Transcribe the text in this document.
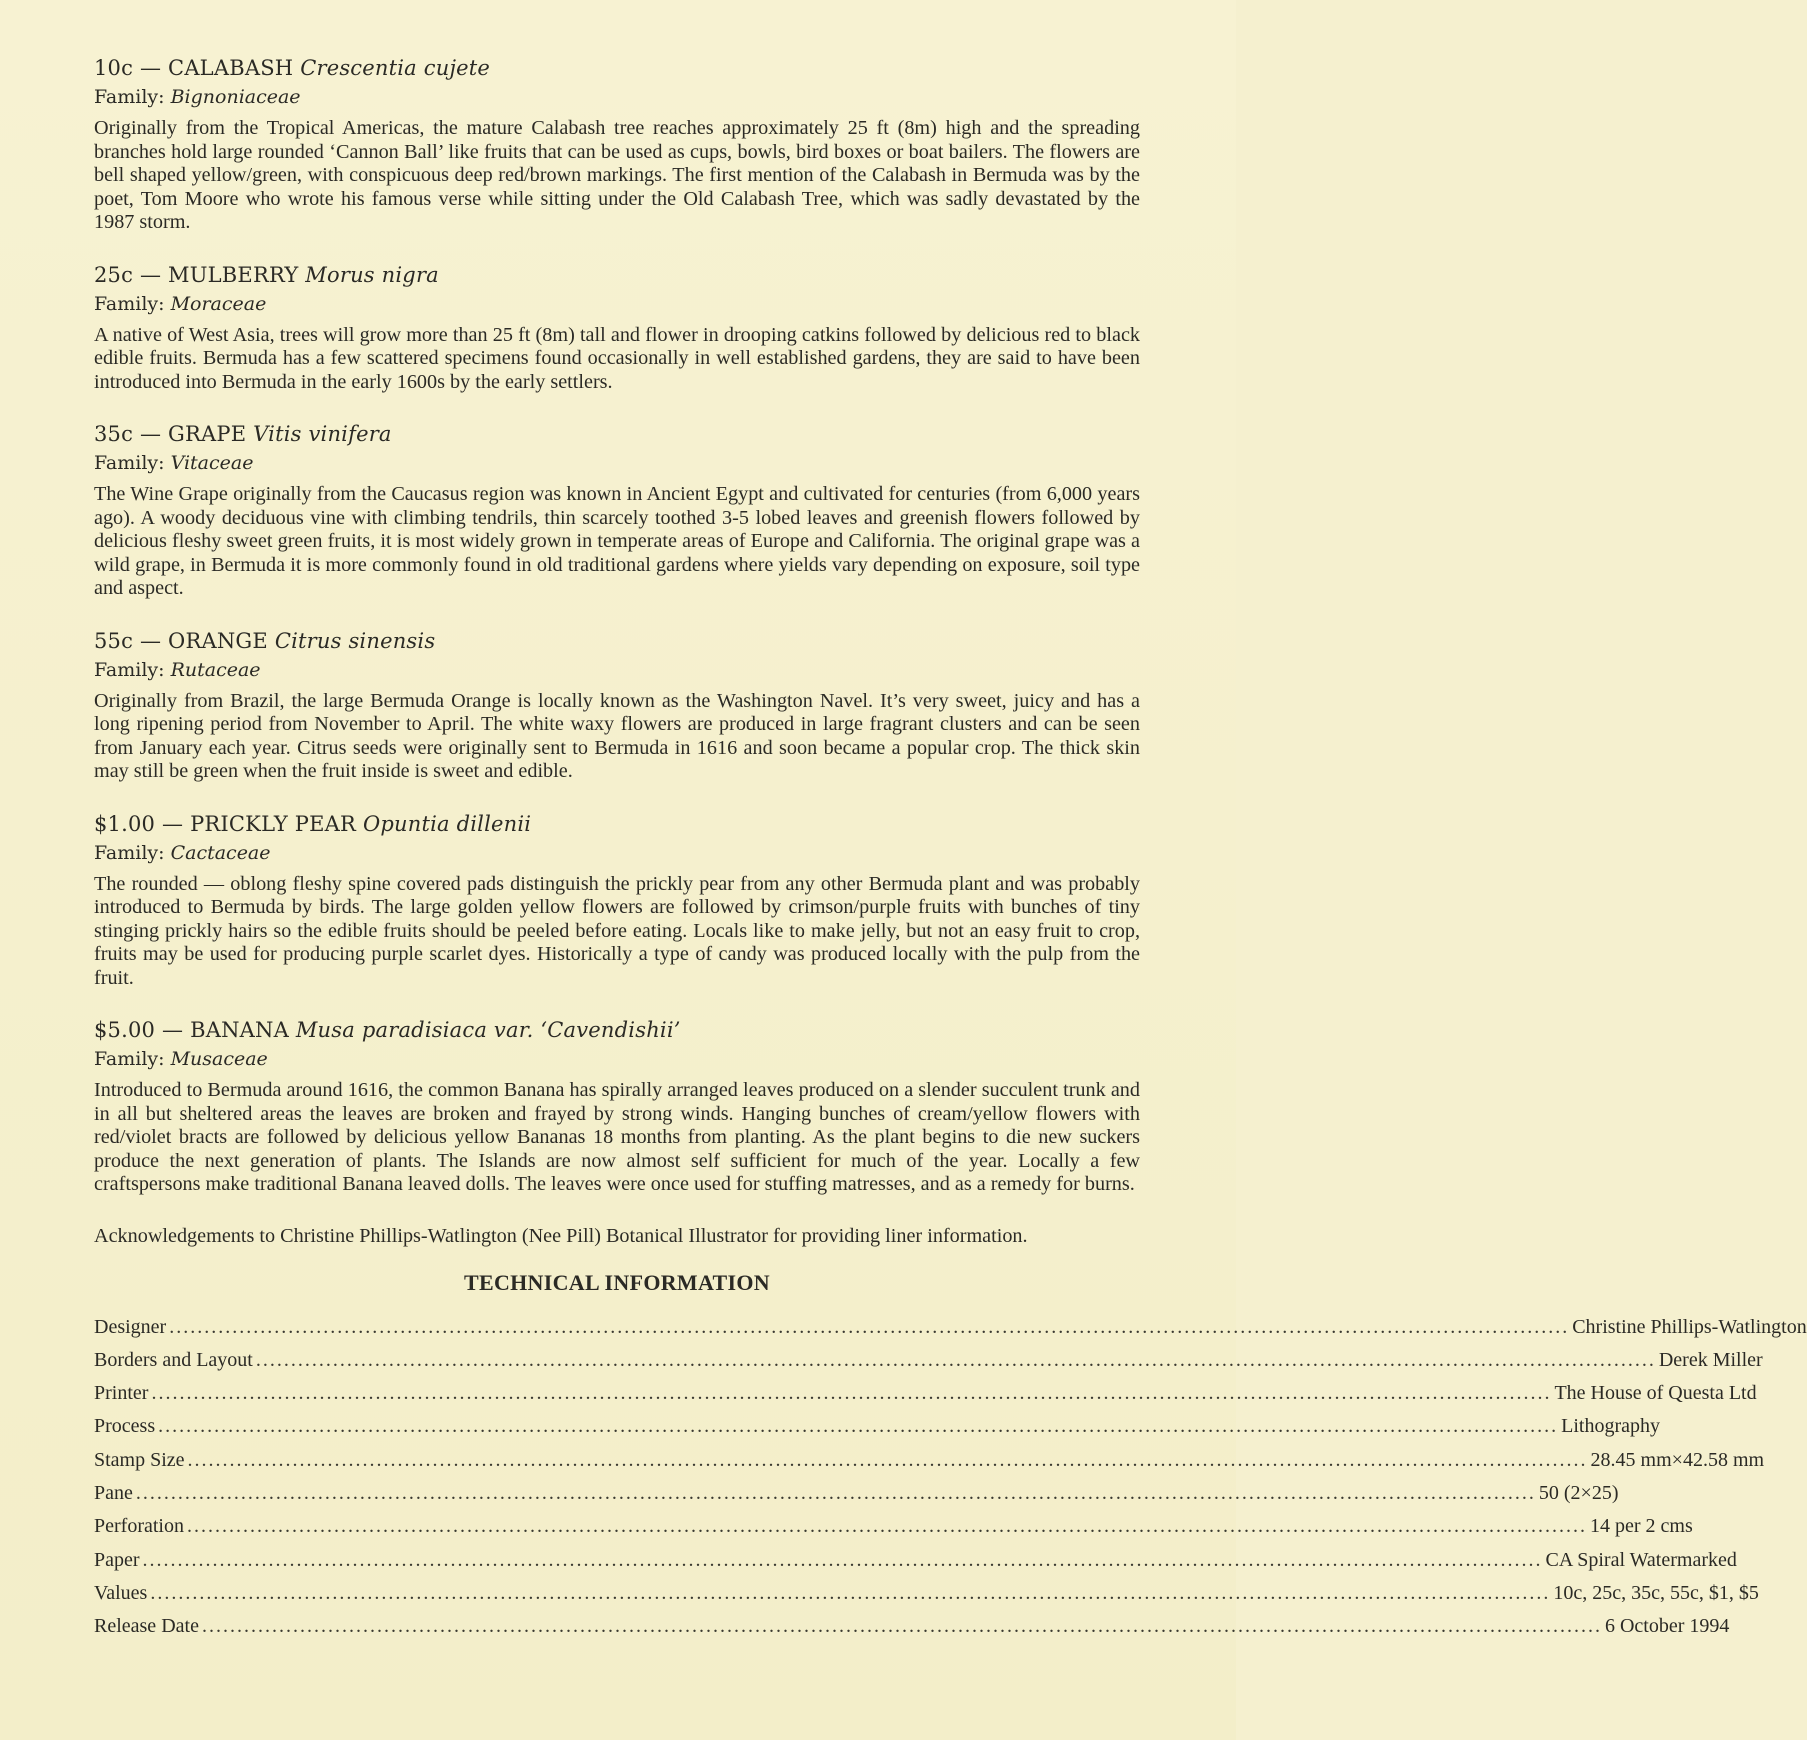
10c — CALABASH Crescentia cujete

Family: Bignoniaceae

Originally from the Tropical Americas, the mature Calabash tree reaches approximately 25 ft (8m) high and the spreading branches hold large rounded ‘Cannon Ball’ like fruits that can be used as cups, bowls, bird boxes or boat bailers. The flowers are bell shaped yellow/green, with conspicuous deep red/brown markings. The first mention of the Calabash in Bermuda was by the poet, Tom Moore who wrote his famous verse while sitting under the Old Calabash Tree, which was sadly devastated by the 1987 storm.

25c — MULBERRY Morus nigra

Family: Moraceae

A native of West Asia, trees will grow more than 25 ft (8m) tall and flower in drooping catkins followed by delicious red to black edible fruits. Bermuda has a few scattered specimens found occasionally in well established gardens, they are said to have been introduced into Bermuda in the early 1600s by the early settlers.

35c — GRAPE Vitis vinifera

Family: Vitaceae

The Wine Grape originally from the Caucasus region was known in Ancient Egypt and cultivated for centuries (from 6,000 years ago). A woody deciduous vine with climbing tendrils, thin scarcely toothed 3-5 lobed leaves and greenish flowers followed by delicious fleshy sweet green fruits, it is most widely grown in temperate areas of Europe and California. The original grape was a wild grape, in Bermuda it is more commonly found in old traditional gardens where yields vary depending on exposure, soil type and aspect.

55c — ORANGE Citrus sinensis

Family: Rutaceae

Originally from Brazil, the large Bermuda Orange is locally known as the Washington Navel. It’s very sweet, juicy and has a long ripening period from November to April. The white waxy flowers are produced in large fragrant clusters and can be seen from January each year. Citrus seeds were originally sent to Bermuda in 1616 and soon became a popular crop. The thick skin may still be green when the fruit inside is sweet and edible.

$1.00 — PRICKLY PEAR Opuntia dillenii

Family: Cactaceae

The rounded — oblong fleshy spine covered pads distinguish the prickly pear from any other Bermuda plant and was probably introduced to Bermuda by birds. The large golden yellow flowers are followed by crimson/purple fruits with bunches of tiny stinging prickly hairs so the edible fruits should be peeled before eating. Locals like to make jelly, but not an easy fruit to crop, fruits may be used for producing purple scarlet dyes. Historically a type of candy was produced locally with the pulp from the fruit.

$5.00 — BANANA Musa paradisiaca var. ‘Cavendishii’

Family: Musaceae

Introduced to Bermuda around 1616, the common Banana has spirally arranged leaves produced on a slender succulent trunk and in all but sheltered areas the leaves are broken and frayed by strong winds. Hanging bunches of cream/yellow flowers with red/violet bracts are followed by delicious yellow Bananas 18 months from planting. As the plant begins to die new suckers produce the next generation of plants. The Islands are now almost self sufficient for much of the year. Locally a few craftspersons make traditional Banana leaved dolls. The leaves were once used for stuffing matresses, and as a remedy for burns.

Acknowledgements to Christine Phillips-Watlington (Nee Pill) Botanical Illustrator for providing liner information.

TECHNICAL INFORMATION
Designer ........................................................................................................................................................................................................ Christine Phillips-Watlington
Borders and Layout ........................................................................................................................................................................................................ Derek Miller
Printer ........................................................................................................................................................................................................ The House of Questa Ltd
Process ........................................................................................................................................................................................................ Lithography
Stamp Size ........................................................................................................................................................................................................ 28.45 mm×42.58 mm
Pane ........................................................................................................................................................................................................ 50 (2×25)
Perforation ........................................................................................................................................................................................................ 14 per 2 cms
Paper ........................................................................................................................................................................................................ CA Spiral Watermarked
Values ........................................................................................................................................................................................................ 10c, 25c, 35c, 55c, $1, $5
Release Date ........................................................................................................................................................................................................ 6 October 1994
